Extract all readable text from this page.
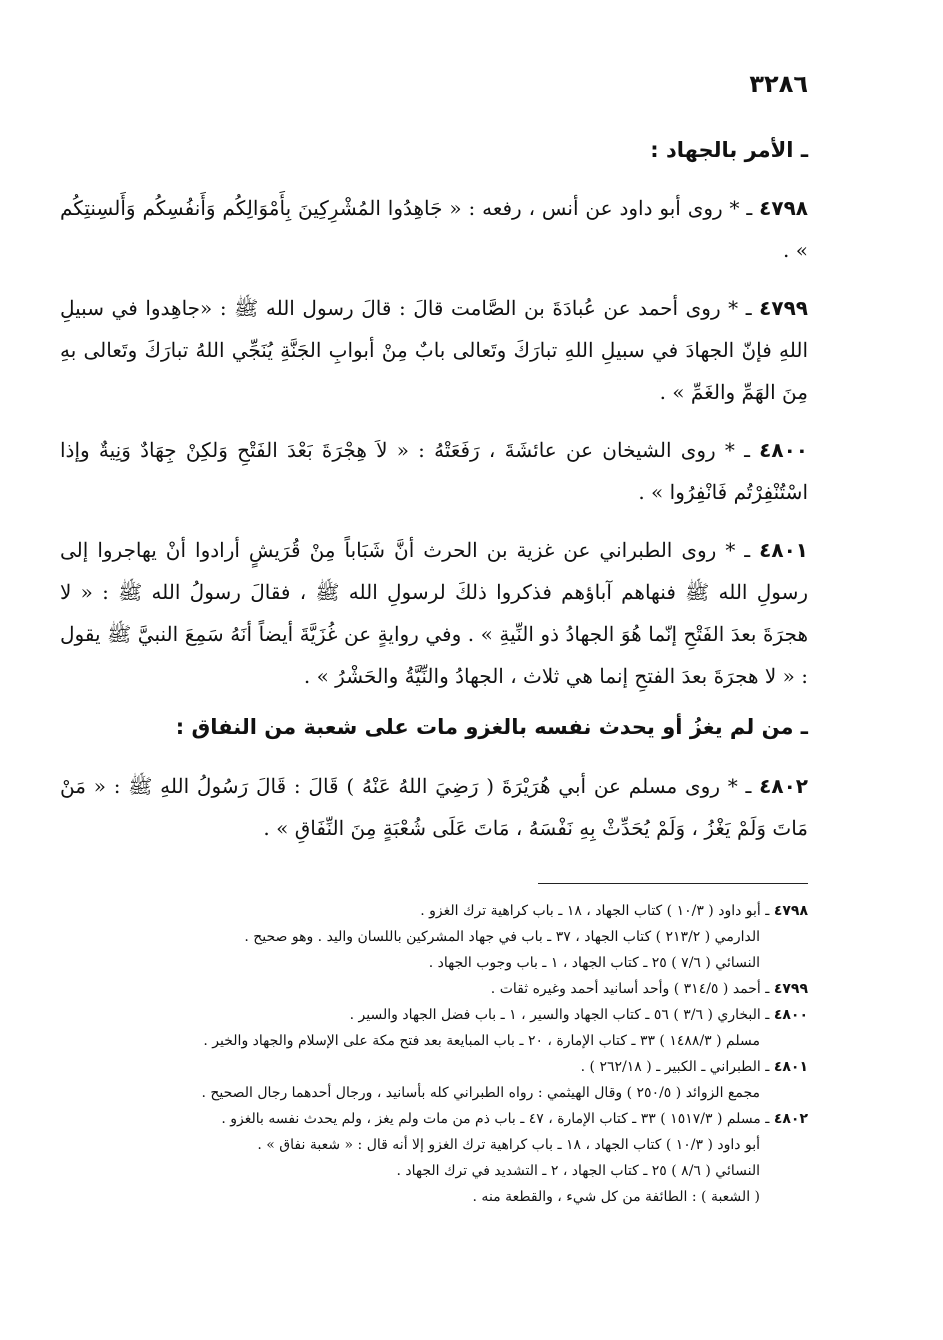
٣٢٨٦
ـ الأمر بالجهاد :

٤٧٩٨ ـ * روى أبو داود عن أنس ، رفعه : « جَاهِدُوا المُشْرِكِينَ بِأَمْوَالِكُم وَأَنفُسِكُم وَأَلسِنتِكُم » .

٤٧٩٩ ـ * روى أحمد عن عُبادَةَ بن الصَّامت قالَ : قالَ رسول الله ﷺ : «جاهِدوا في سبيلِ اللهِ فإنّ الجهادَ في سبيلِ اللهِ تبارَكَ وتَعالى بابٌ مِنْ أبوابِ الجَنَّةِ يُنَجِّي اللهُ تبارَكَ وتَعالى بهِ مِنَ الهَمِّ والغَمِّ » .

٤٨٠٠ ـ * روى الشيخان عن عائشَةَ ، رَفَعَتْهُ : « لاَ هِجْرَةَ بَعْدَ الفَتْحِ وَلكِنْ جِهَادٌ وَنِيةٌ وإذا اسْتُنْفِرْتُم فَانْفِرُوا » .

٤٨٠١ ـ * روى الطبراني عن غزية بن الحرث أنَّ شَبَاباً مِنْ قُرَيشٍ أرادوا أنْ يهاجروا إلى رسولِ الله ﷺ فنهاهم آباؤهم فذكروا ذلكَ لرسولِ الله ﷺ ، فقالَ رسولُ الله ﷺ : « لا هجرَةَ بعدَ الفَتْحِ إنّما هُوَ الجهادُ ذو النِّيةِ » . وفي روايةٍ عن غُزَيَّةَ أيضاً أنَهُ سَمِعَ النبيَّ ﷺ يقول : « لا هجرَةَ بعدَ الفتحِ إنما هي ثلاث ، الجهادُ والنِّيَّةُ والحَشْرُ » .

ـ من لم يغزُ أو يحدث نفسه بالغزو مات على شعبة من النفاق :

٤٨٠٢ ـ * روى مسلم عن أبي هُرَيْرَةَ ( رَضِيَ اللهُ عَنْهُ ) قَالَ : قَالَ رَسُولُ اللهِ ﷺ : « مَنْ مَاتَ وَلَمْ يَغْزُ ، وَلَمْ يُحَدِّثْ بِهِ نَفْسَهُ ، مَاتَ عَلَى شُعْبَةٍ مِنَ النِّفَاقِ » .

٤٧٩٨ ـ أبو داود ( ١٠/٣ ) كتاب الجهاد ، ١٨ ـ باب كراهية ترك الغزو .
الدارمي ( ٢١٣/٢ ) كتاب الجهاد ، ٣٧ ـ باب في جهاد المشركين باللسان واليد . وهو صحيح .
النسائي ( ٧/٦ ) ٢٥ ـ كتاب الجهاد ، ١ ـ باب وجوب الجهاد .
٤٧٩٩ ـ أحمد ( ٣١٤/٥ ) وأحد أسانيد أحمد وغيره ثقات .
٤٨٠٠ ـ البخاري ( ٣/٦ ) ٥٦ ـ كتاب الجهاد والسير ، ١ ـ باب فضل الجهاد والسير .
مسلم ( ١٤٨٨/٣ ) ٣٣ ـ كتاب الإمارة ، ٢٠ ـ باب المبايعة بعد فتح مكة على الإسلام والجهاد والخير .
٤٨٠١ ـ الطبراني ـ الكبير ـ ( ٢٦٢/١٨ ) .
مجمع الزوائد ( ٢٥٠/٥ ) وقال الهيثمي : رواه الطبراني كله بأسانيد ، ورجال أحدهما رجال الصحيح .
٤٨٠٢ ـ مسلم ( ١٥١٧/٣ ) ٣٣ ـ كتاب الإمارة ، ٤٧ ـ باب ذم من مات ولم يغز ، ولم يحدث نفسه بالغزو .
أبو داود ( ١٠/٣ ) كتاب الجهاد ، ١٨ ـ باب كراهية ترك الغزو إلا أنه قال : « شعبة نفاق » .
النسائي ( ٨/٦ ) ٢٥ ـ كتاب الجهاد ، ٢ ـ التشديد في ترك الجهاد .
( الشعبة ) : الطائفة من كل شيء ، والقطعة منه .
